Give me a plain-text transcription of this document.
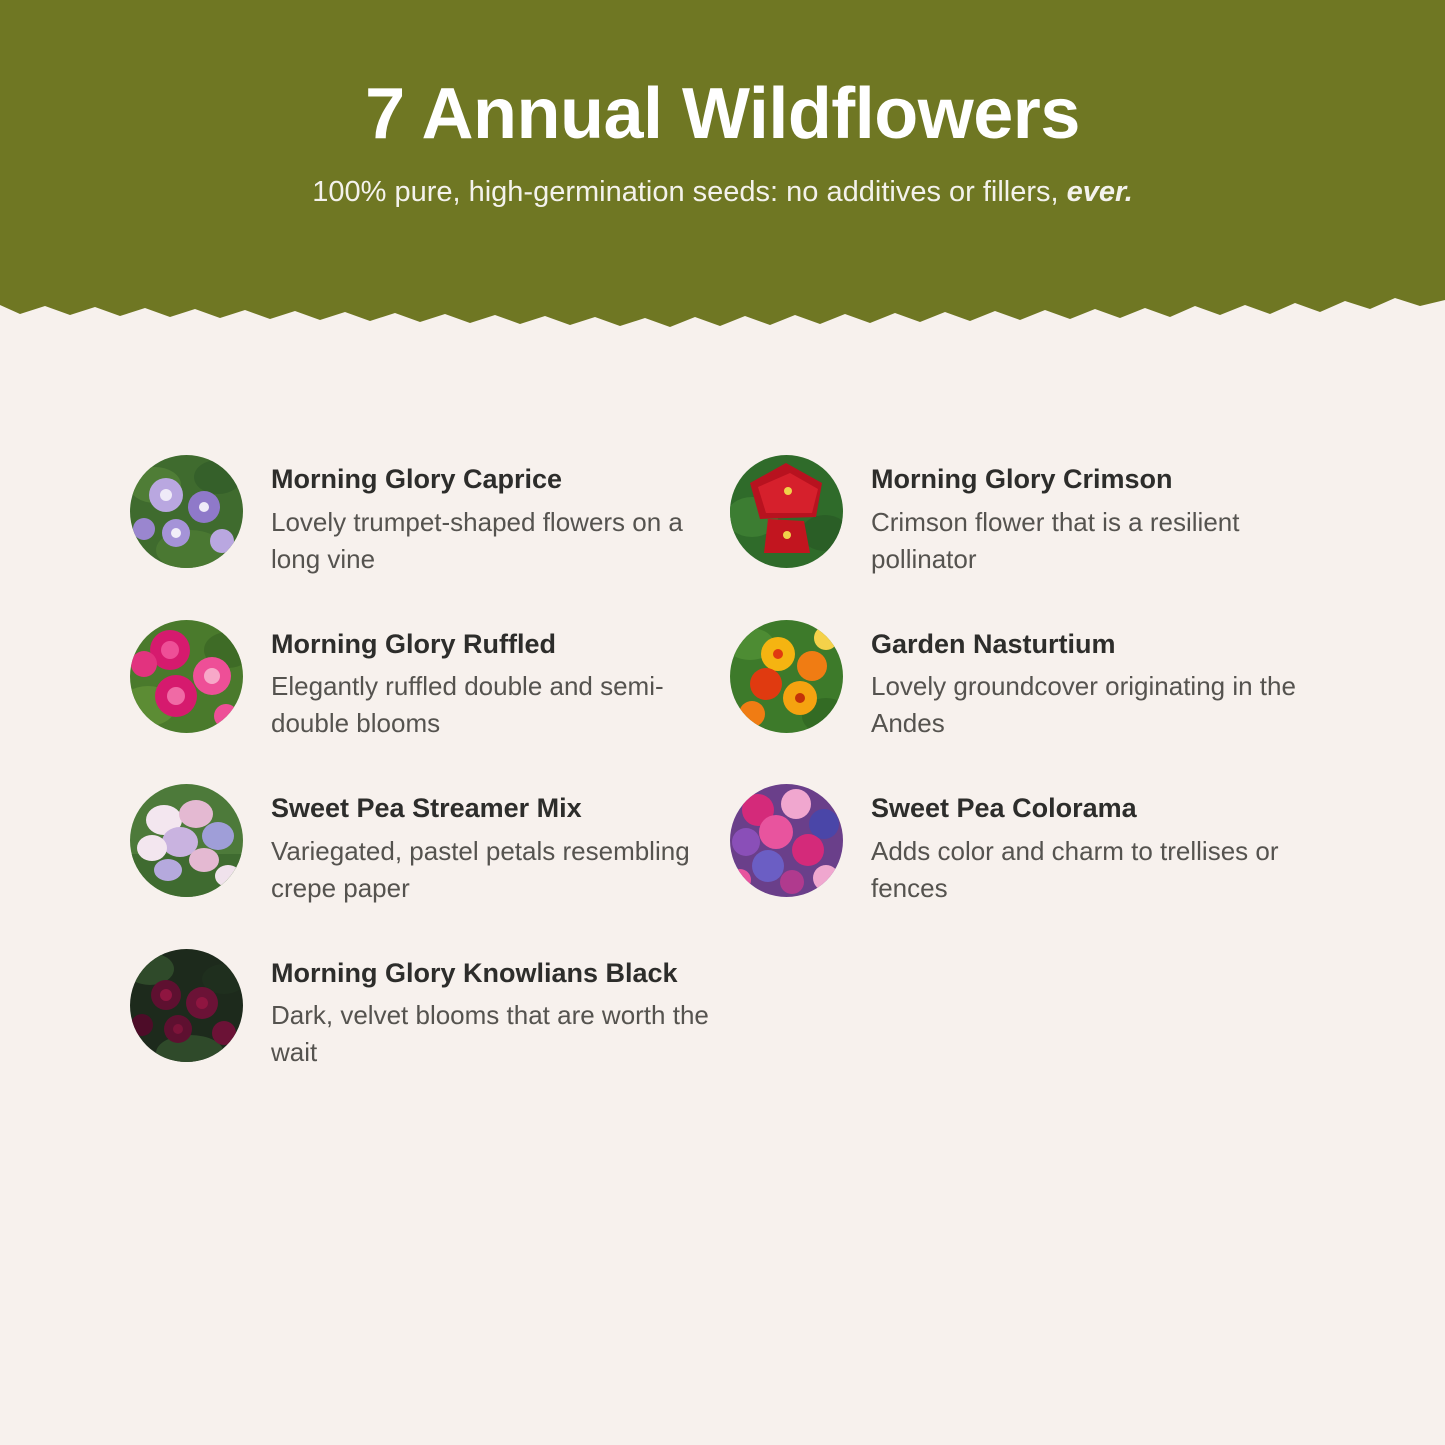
7 Annual Wildflowers

100% pure, high-germination seeds: no additives or fillers, ever.

Morning Glory Caprice

Lovely trumpet-shaped flowers on a long vine

Morning Glory Crimson

Crimson flower that is a resilient pollinator

Morning Glory Ruffled

Elegantly ruffled double and semi-double blooms

Garden Nasturtium

Lovely groundcover originating in the Andes

Sweet Pea Streamer Mix

Variegated, pastel petals resembling crepe paper

Sweet Pea Colorama

Adds color and charm to trellises or fences

Morning Glory Knowlians Black

Dark, velvet blooms that are worth the wait
